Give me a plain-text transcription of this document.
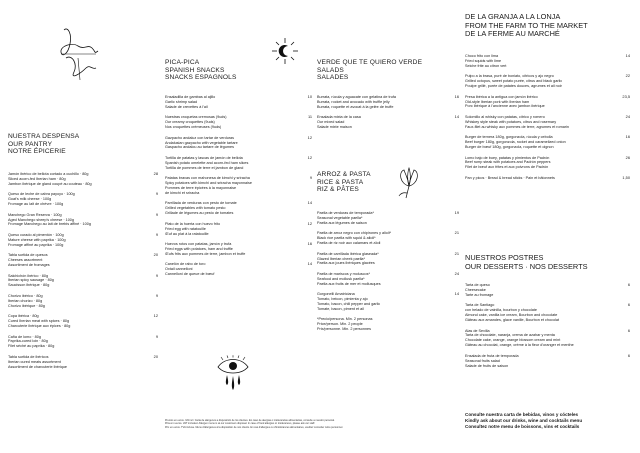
NUESTRA DESPENSA
OUR PANTRY
NOTRE ÉPICERIE
Jamón ibérico de bellota cortado a cuchillo · 80g
Sliced acorn-fed Iberian ham · 80g
Jambon ibérique de gland coupé au couteau · 80g
28
Queso de leche de cabra payoyo · 100g
Goat's milk cheese · 100g
Fromage au lait de chèvre · 100g
9
Manchego Gran Reserva · 100g
Aged Manchego sheep's cheese · 100g
Fromage Manchego au lait de brebis affiné · 100g
9
Queso curado al pimentón · 100g
Mature cheese with paprika · 100g
Fromage affiné au paprika · 100g
9
Tabla surtida de quesos
Cheeses assortment
Assortiment de fromages
20
Salchichón ibérico · 80g
Iberian spicy sausage · 80g
Saucisson ibérique · 80g
9
Chorizo ibérico · 80g
Iberian chorizo · 80g
Chorizo ibérique · 80g
9
Copa ibérica · 80g
Cured Iberian meat with spices · 80g
Charcuterie ibérique aux épices · 80g
12
Caña de lomo · 80g
Paprika-cured loin · 80g
Filet séché au paprika · 80g
9
Tabla surtida de ibéricos
Iberian cured meats assortment
Assortiment de charcuterie ibérique
20
PICA-PICA
SPANISH SNACKS
SNACKS ESPAGNOLS
Ensaladilla de gambas al ajillo
Garlic shrimp salad
Salade de crevettes à l'ail
10
Nuestras croquetas cremosas (9uds)
Our creamy croquettes (9uds)
Nos croquettes crémeuses (9uds)
11
Gazpacho andaluz con tartar de verduras
Andalusian gazpacho with vegetable tartare
Gaspacho andalou au tartare de légumes
12
Tortilla de patatas y lascas de jamón de bellota
Spanish potato omelette and acorn-fed ham slices
Tortilla de pommes de terre et jambon de gland
12
Patatas bravas con mahonesa de kimchi y sriracha
Spicy potatoes with kimchi and sriracha mayonnaise
Pommes de terre épicées à la mayonnaise
de kimchi et sriracha
9
Parrillada de verduras con pesto de tomate
Grilled vegetables with tomato pesto
Grillade de légumes au pesto de tomates
14
Plato de la huerta con huevo frito
Fried egg with ratatouille
Œuf au plat à la ratatouille
12
Huevos rotos con patatas, jamón y trufa
Fried eggs with potatoes, ham and truffle
Œufs frits aux pommes de terre, jambon et truffe
16
Canelón de rabo de toro
Oxtail cannelloni
Cannelloni de queue de bœuf
14
VERDE QUE TE QUIERO VERDE
SALADS
SALADES
Burrata, rúcula y aguacate con gelatina de trufa
Burrata, rocket and avocado with truffle jelly
Burrata, roquette et avocat à la gelée de truffe
16
Ensalada mixta de la casa
Our mixed salad
Salade mixte maison
14
ARROZ & PASTA
RICE & PASTA
RIZ & PÂTES
Paella de verduras de temporada*
Seasonal vegetable paella*
Paella aux légumes de saison
19
Paella de arroz negro con chipirones y alioli*
Black rice paella with squid & alioli*
Paella de riz noir aux calamars et aïoli
21
Paella de carrillada ibérica glaseada*
Glazed Iberian cheek paella*
Paella aux joues ibériques glacées
21
Paella de mariscos y moluscos*
Seafood and mollusk paella*
Paella aux fruits de mer et mollusques
24
Gorgonelli Amatriciana
Tomato, beicon, pimienta y ajo
Tomato, bacon, chili pepper and garlic
Tomate, bacon, piment et ail
14
*Precio/persona. Min. 2 personas
Price/person. Min. 2 people
Prix/personne. Min. 2 personnes
DE LA GRANJA A LA LONJA
FROM THE FARM TO THE MARKET
DE LA FERME AU MARCHÉ
Choco frito con lima
Fried squids with lime
Seiche frite au citron vert
14
Pulpo a la brasa, puré de boniato, cítricos y ajo negro
Grilled octopus, sweet potato purée, citrus and black garlic
Poulpe grillé, purée de patates douces, agrumes et ail noir
22
Presa ibérica a la antigua con jamón ibérico
Old-style Iberian pork with Iberian ham
Porc ibérique à l'ancienne avec jambon ibérique
23,5
Solomillo al whisky con patatas, cítrico y romero
Whiskey style steak with potatoes, citrus and rosemary
Faux-filet au whisky aux pommes de terre, agrumes et romarin
24
Burger de ternera 180g, gorgonzola, rúcula y cebolla
Beef burger 180g, gorgonzola, rocket and caramelized onion
Burger de bœuf 180g, gorgonzola, roquette et oignon
16
Lomo bajo de buey, patatas y pimientos de Padrón
Beef rump steak with potatoes and Padrón peppers
Filet de bœuf aux frites et aux poivrons de Padrón
26
Pan y picos · Bread & bread sticks · Pain et bâtonnets	1,50
NUESTROS POSTRES
OUR DESSERTS · NOS DESSERTS
Tarta de queso
Cheesecake
Tarte au fromage
6
Tarta de Santiago
con helado de vainilla, bourbon y chocolate
Almond cake, vanilla ice cream, Bourbon and chocolate
Gâteau aux amandes, glace vanille, Bourbon et chocolat
6
Alas de Sevilla
Tarta de chocolate, naranja, crema de azahar y menta
Chocolate cake, orange, orange blossom cream and mint
Gâteau au chocolat, orange, crème à la fleur d'oranger et menthe
6
Ensalada de fruta de temporada
Seasonal fruits salad
Salade de fruits de saison
6
Consulte nuestra carta de bebidas, vinos y cócteles
Kindly ask about our drinks, wine and cocktails menu
Consultez notre menu de boissons, vins et cocktails
Precios en euros. IVA incl. Carta de alérgenos a disposición de los clientes. En caso de alergias o intolerancias alimentarias, consulte a nuestro personal.
Prices in euros. VAT included. Allergen menu is at our customers disposal. In case of food allergies or intolerances, please ask our staff.
Prix en euros. TVA incluse. Menu d'allergènes à la disposition de nos clients. En cas d'allergies ou d'intolérances alimentaires, veuillez consulter notre personnel.
